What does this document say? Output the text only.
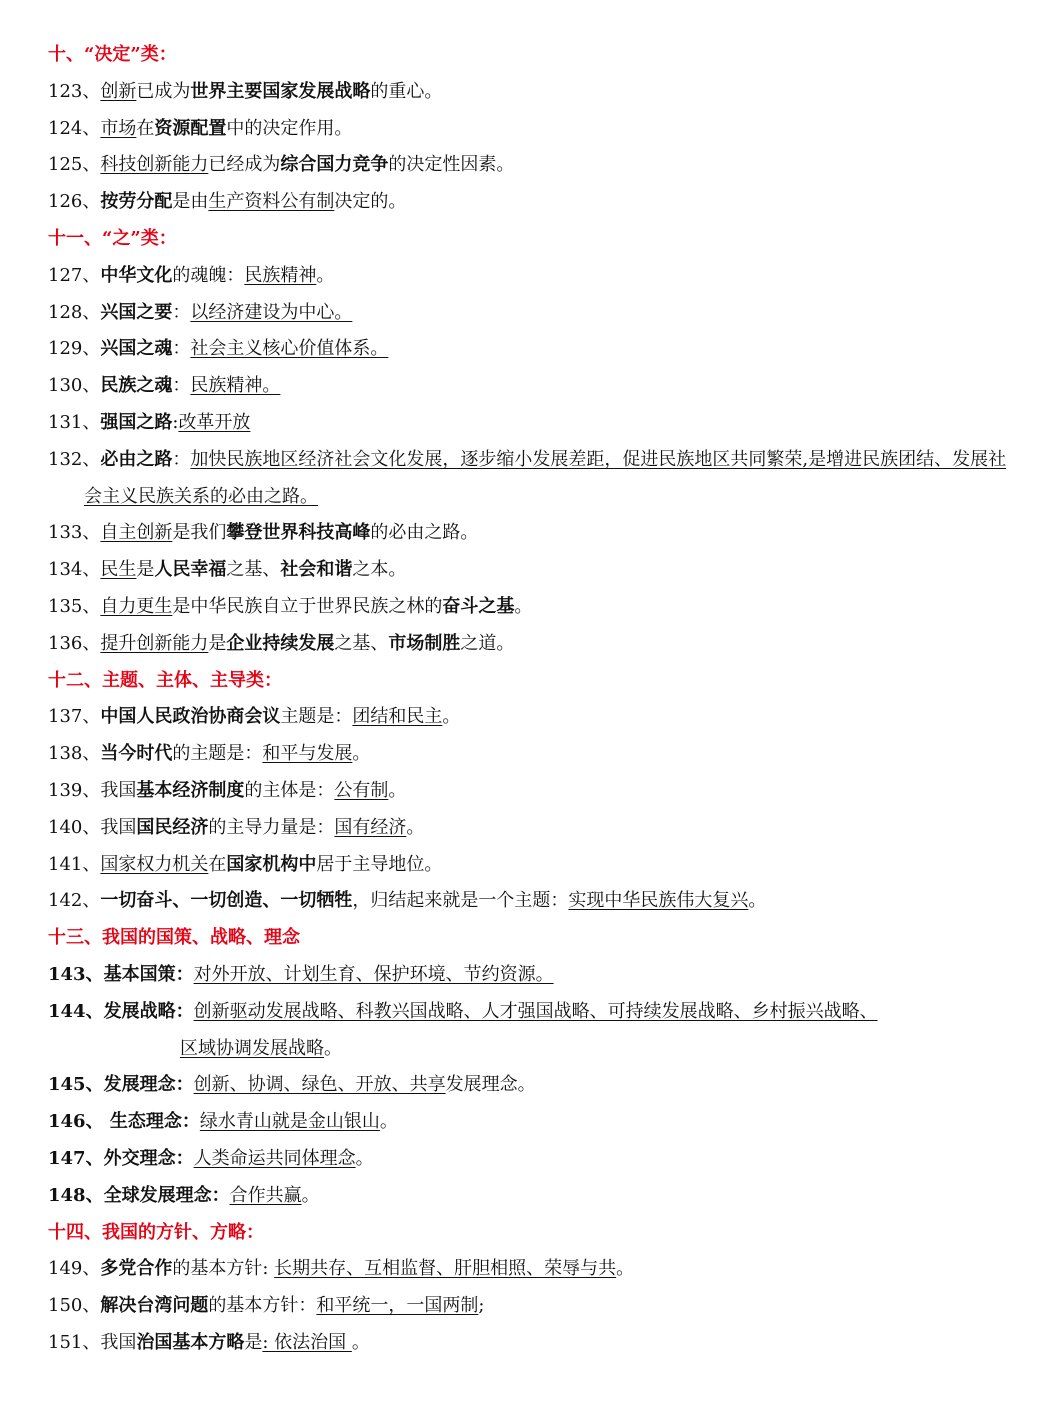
十、“决定”类：
123、创新已成为世界主要国家发展战略的重心。
124、市场在资源配置中的决定作用。
125、科技创新能力已经成为综合国力竞争的决定性因素。
126、按劳分配是由生产资料公有制决定的。
十一、“之”类：
127、中华文化的魂魄：民族精神。
128、兴国之要：以经济建设为中心。
129、兴国之魂：社会主义核心价值体系。
130、民族之魂：民族精神。
131、强国之路:改革开放
132、必由之路：加快民族地区经济社会文化发展，逐步缩小发展差距，促进民族地区共同繁荣,是增进民族团结、发展社
会主义民族关系的必由之路。
133、自主创新是我们攀登世界科技高峰的必由之路。
134、民生是人民幸福之基、社会和谐之本。
135、自力更生是中华民族自立于世界民族之林的奋斗之基。
136、提升创新能力是企业持续发展之基、市场制胜之道。
十二、主题、主体、主导类：
137、中国人民政治协商会议主题是：团结和民主。
138、当今时代的主题是：和平与发展。
139、我国基本经济制度的主体是：公有制。
140、我国国民经济的主导力量是：国有经济。
141、国家权力机关在国家机构中居于主导地位。
142、一切奋斗、一切创造、一切牺牲，归结起来就是一个主题：实现中华民族伟大复兴。
十三、我国的国策、战略、理念
143、基本国策：对外开放、计划生育、保护环境、节约资源。
144、发展战略：创新驱动发展战略、科教兴国战略、人才强国战略、可持续发展战略、乡村振兴战略、
区域协调发展战略。
145、发展理念：创新、协调、绿色、开放、共享发展理念。
146、 生态理念：绿水青山就是金山银山。
147、外交理念：人类命运共同体理念。
148、全球发展理念：合作共赢。
十四、我国的方针、方略：
149、多党合作的基本方针: 长期共存、互相监督、肝胆相照、荣辱与共。
150、解决台湾问题的基本方针：和平统一，一国两制;
151、我国治国基本方略是: 依法治国 。
